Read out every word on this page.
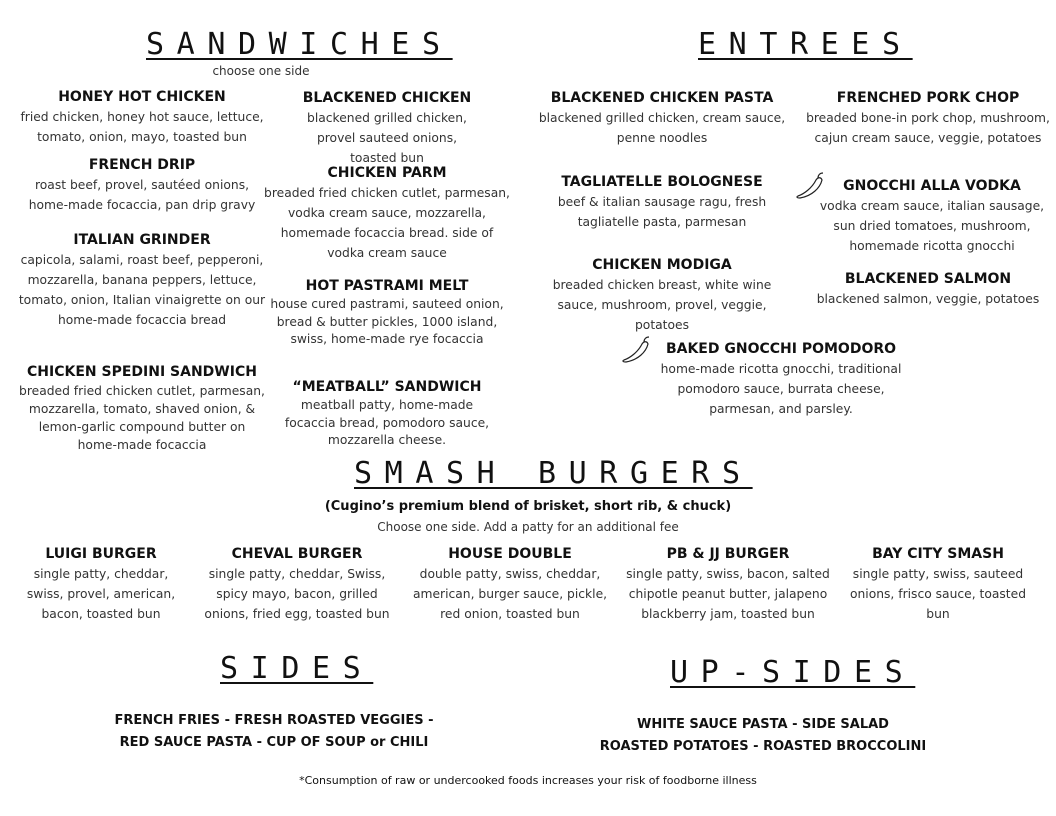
SANDWICHES

choose one side

ENTREES
HONEY HOT CHICKEN
fried chicken, honey hot sauce, lettuce, tomato, onion, mayo, toasted bun
FRENCH DRIP
roast beef, provel, sautéed onions, home-made focaccia, pan drip gravy
ITALIAN GRINDER
capicola, salami, roast beef, pepperoni, mozzarella, banana peppers, lettuce, tomato, onion, Italian vinaigrette on our home-made focaccia bread
CHICKEN SPEDINI SANDWICH
breaded fried chicken cutlet, parmesan, mozzarella, tomato, shaved onion, & lemon-garlic compound butter on home-made focaccia
BLACKENED CHICKEN
blackened grilled chicken, provel sauteed onions, toasted bun
CHICKEN PARM
breaded fried chicken cutlet, parmesan, vodka cream sauce, mozzarella, homemade focaccia bread. side of vodka cream sauce
HOT PASTRAMI MELT
house cured pastrami, sauteed onion, bread & butter pickles, 1000 island, swiss, home-made rye focaccia
“MEATBALL” SANDWICH
meatball patty, home-made focaccia bread, pomodoro sauce, mozzarella cheese.
BLACKENED CHICKEN PASTA
blackened grilled chicken, cream sauce, penne noodles
TAGLIATELLE BOLOGNESE
beef & italian sausage ragu, fresh tagliatelle pasta, parmesan
CHICKEN MODIGA
breaded chicken breast, white wine sauce, mushroom, provel, veggie, potatoes
FRENCHED PORK CHOP
breaded bone-in pork chop, mushroom, cajun cream sauce, veggie, potatoes
GNOCCHI ALLA VODKA
vodka cream sauce, italian sausage, sun dried tomatoes, mushroom, homemade ricotta gnocchi
BLACKENED SALMON
blackened salmon, veggie, potatoes
BAKED GNOCCHI POMODORO
home-made ricotta gnocchi, traditional pomodoro sauce, burrata cheese, parmesan, and parsley.
SMASH BURGERS

(Cugino’s premium blend of brisket, short rib, & chuck)

Choose one side. Add a patty for an additional fee

LUIGI BURGER
single patty, cheddar, swiss, provel, american, bacon, toasted bun
CHEVAL BURGER
single patty, cheddar, Swiss, spicy mayo, bacon, grilled onions, fried egg, toasted bun
HOUSE DOUBLE
double patty, swiss, cheddar, american, burger sauce, pickle, red onion, toasted bun
PB & JJ BURGER
single patty, swiss, bacon, salted chipotle peanut butter, jalapeno blackberry jam, toasted bun
BAY CITY SMASH
single patty, swiss, sauteed onions, frisco sauce, toasted bun
SIDES

FRENCH FRIES - FRESH ROASTED VEGGIES -

RED SAUCE PASTA - CUP OF SOUP or CHILI

UP-SIDES

WHITE SAUCE PASTA - SIDE SALAD

ROASTED POTATOES - ROASTED BROCCOLINI

*Consumption of raw or undercooked foods increases your risk of foodborne illness
